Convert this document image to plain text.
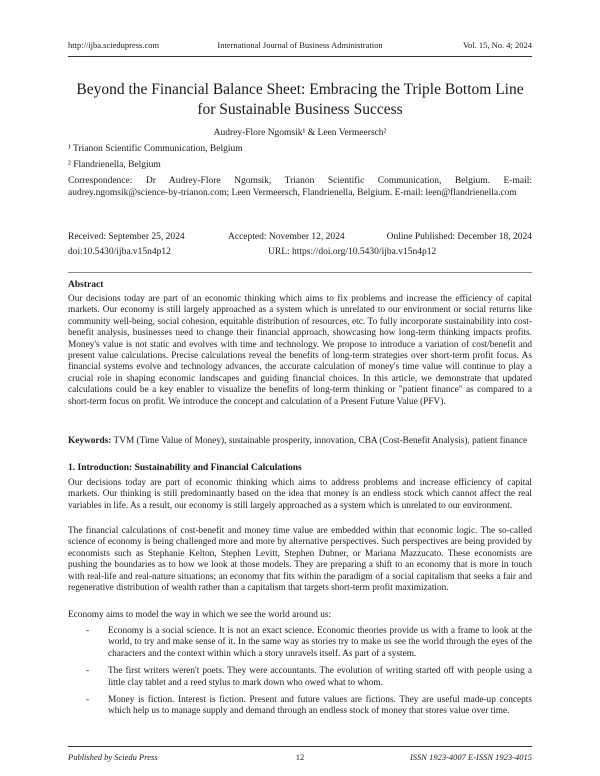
http://ijba.sciedupress.com	International Journal of Business Administration	Vol. 15, No. 4; 2024
Beyond the Financial Balance Sheet: Embracing the Triple Bottom Line
for Sustainable Business Success
Audrey-Flore Ngomsik¹ & Leen Vermeersch²
¹ Trianon Scientific Communication, Belgium
² Flandrienella, Belgium
Correspondence: Dr Audrey-Flore Ngomsik, Trianon Scientific Communication, Belgium. E-mail: audrey.ngomsik@science-by-trianon.com; Leen Vermeersch, Flandrienella, Belgium. E-mail: leen@flandrienella.com
Received: September 25, 2024	Accepted: November 12, 2024	Online Published: December 18, 2024
doi:10.5430/ijba.v15n4p12	URL: https://doi.org/10.5430/ijba.v15n4p12
Abstract
Our decisions today are part of an economic thinking which aims to fix problems and increase the efficiency of capital markets. Our economy is still largely approached as a system which is unrelated to our environment or social returns like community well-being, social cohesion, equitable distribution of resources, etc. To fully incorporate sustainability into cost-benefit analysis, businesses need to change their financial approach, showcasing how long-term thinking impacts profits. Money's value is not static and evolves with time and technology. We propose to introduce a variation of cost/benefit and present value calculations. Precise calculations reveal the benefits of long-term strategies over short-term profit focus. As financial systems evolve and technology advances, the accurate calculation of money's time value will continue to play a crucial role in shaping economic landscapes and guiding financial choices. In this article, we demonstrate that updated calculations could be a key enabler to visualize the benefits of long-term thinking or "patient finance" as compared to a short-term focus on profit. We introduce the concept and calculation of a Present Future Value (PFV).
Keywords: TVM (Time Value of Money), sustainable prosperity, innovation, CBA (Cost-Benefit Analysis), patient finance
1. Introduction: Sustainability and Financial Calculations
Our decisions today are part of economic thinking which aims to address problems and increase efficiency of capital markets. Our thinking is still predominantly based on the idea that money is an endless stock which cannot affect the real variables in life. As a result, our economy is still largely approached as a system which is unrelated to our environment.
The financial calculations of cost-benefit and money time value are embedded within that economic logic. The so-called science of economy is being challenged more and more by alternative perspectives. Such perspectives are being provided by economists such as Stephanie Kelton, Stephen Levitt, Stephen Dubner, or Mariana Mazzucato. These economists are pushing the boundaries as to how we look at those models. They are preparing a shift to an economy that is more in touch with real-life and real-nature situations; an economy that fits within the paradigm of a social capitalism that seeks a fair and regenerative distribution of wealth rather than a capitalism that targets short-term profit maximization.
Economy aims to model the way in which we see the world around us:
- Economy is a social science. It is not an exact science. Economic theories provide us with a frame to look at the world, to try and make sense of it. In the same way as stories try to make us see the world through the eyes of the characters and the context within which a story unravels itself. As part of a system.
- The first writers weren't poets. They were accountants. The evolution of writing started off with people using a little clay tablet and a reed stylus to mark down who owed what to whom.
- Money is fiction. Interest is fiction. Present and future values are fictions. They are useful made-up concepts which help us to manage supply and demand through an endless stock of money that stores value over time.
Published by Sciedu Press	12	ISSN 1923-4007 E-ISSN 1923-4015
